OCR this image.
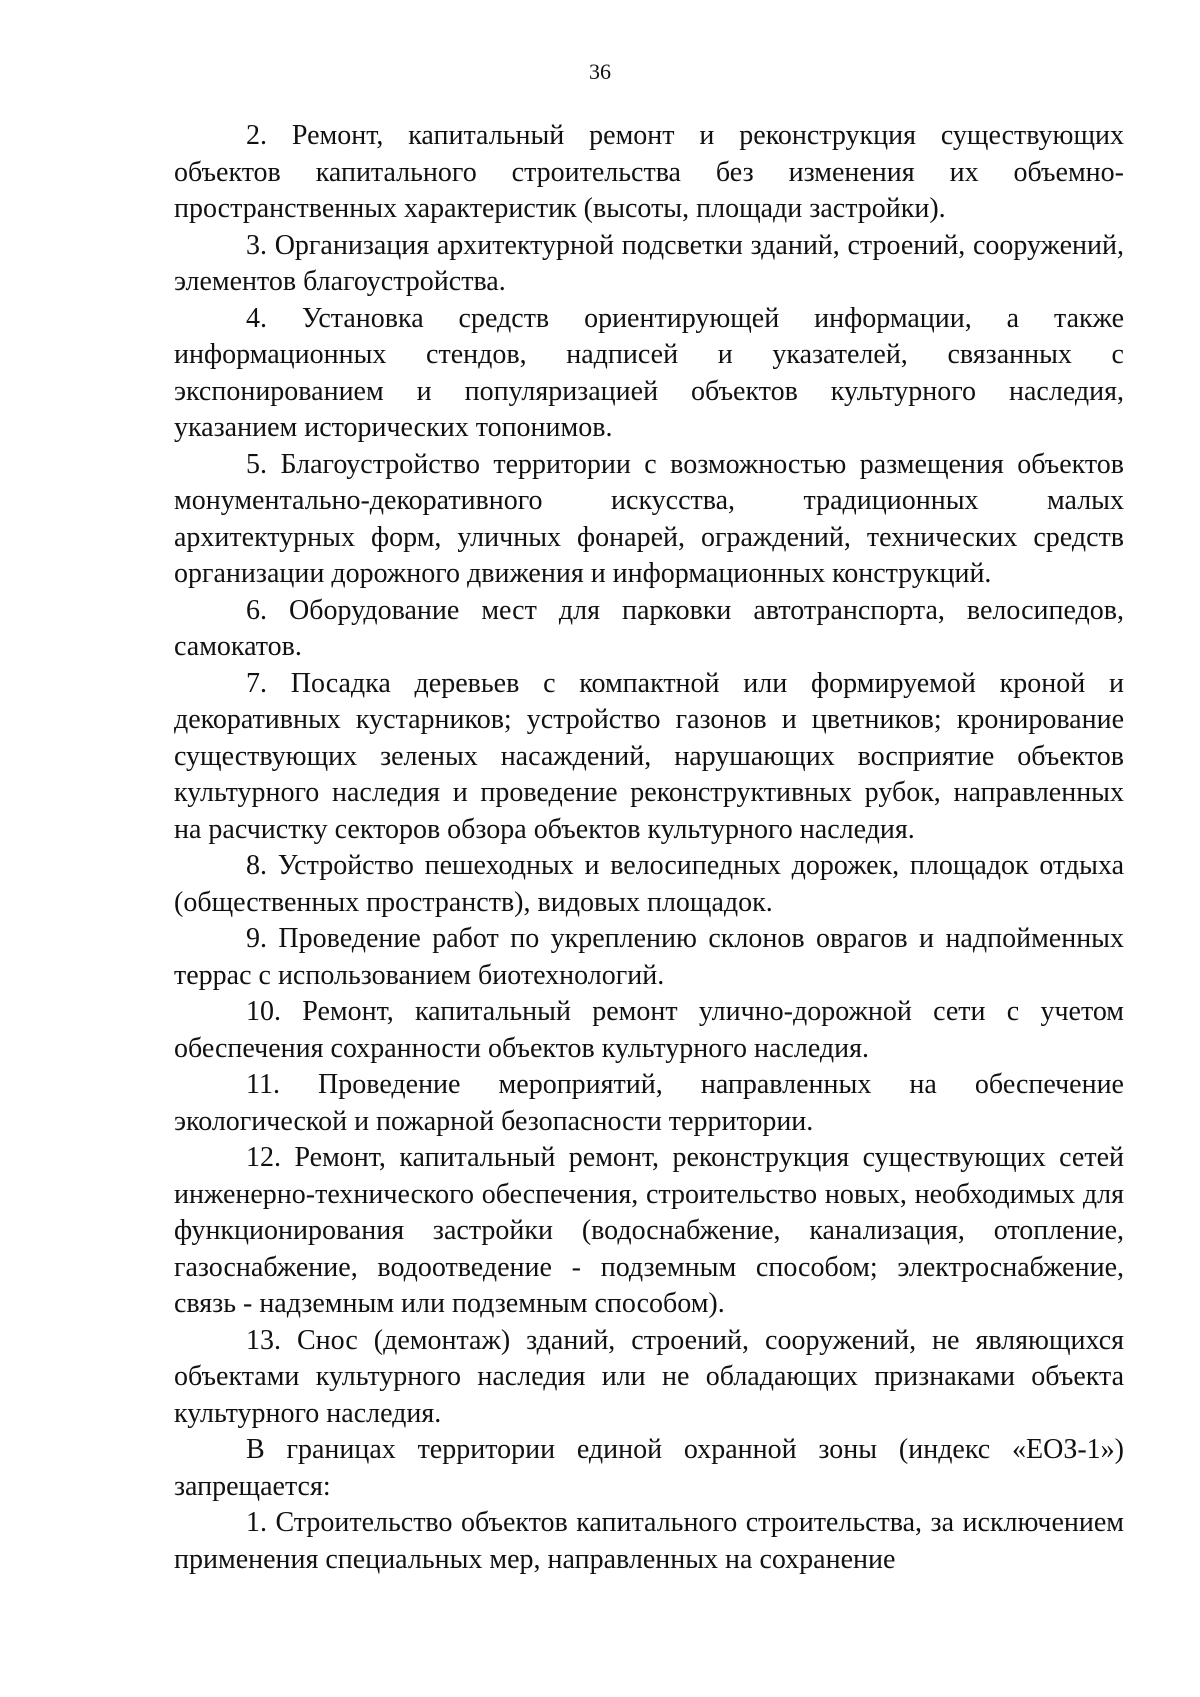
36

2. Ремонт, капитальный ремонт и реконструкция существующих объектов капитального строительства без изменения их объемно-пространственных характеристик (высоты, площади застройки).

3. Организация архитектурной подсветки зданий, строений, сооружений, элементов благоустройства.

4. Установка средств ориентирующей информации, а также информационных стендов, надписей и указателей, связанных с экспонированием и популяризацией объектов культурного наследия, указанием исторических топонимов.

5. Благоустройство территории с возможностью размещения объектов монументально-декоративного искусства, традиционных малых архитектурных форм, уличных фонарей, ограждений, технических средств организации дорожного движения и информационных конструкций.

6. Оборудование мест для парковки автотранспорта, велосипедов, самокатов.

7. Посадка деревьев с компактной или формируемой кроной и декоративных кустарников; устройство газонов и цветников; кронирование существующих зеленых насаждений, нарушающих восприятие объектов культурного наследия и проведение реконструктивных рубок, направленных на расчистку секторов обзора объектов культурного наследия.

8. Устройство пешеходных и велосипедных дорожек, площадок отдыха (общественных пространств), видовых площадок.

9. Проведение работ по укреплению склонов оврагов и надпойменных террас с использованием биотехнологий.

10. Ремонт, капитальный ремонт улично-дорожной сети с учетом обеспечения сохранности объектов культурного наследия.

11. Проведение мероприятий, направленных на обеспечение экологической и пожарной безопасности территории.

12. Ремонт, капитальный ремонт, реконструкция существующих сетей инженерно-технического обеспечения, строительство новых, необходимых для функционирования застройки (водоснабжение, канализация, отопление, газоснабжение, водоотведение - подземным способом; электроснабжение, связь - надземным или подземным способом).

13. Снос (демонтаж) зданий, строений, сооружений, не являющихся объектами культурного наследия или не обладающих признаками объекта культурного наследия.

В границах территории единой охранной зоны (индекс «ЕОЗ-1») запрещается:

1. Строительство объектов капитального строительства, за исключением применения специальных мер, направленных на сохранение
